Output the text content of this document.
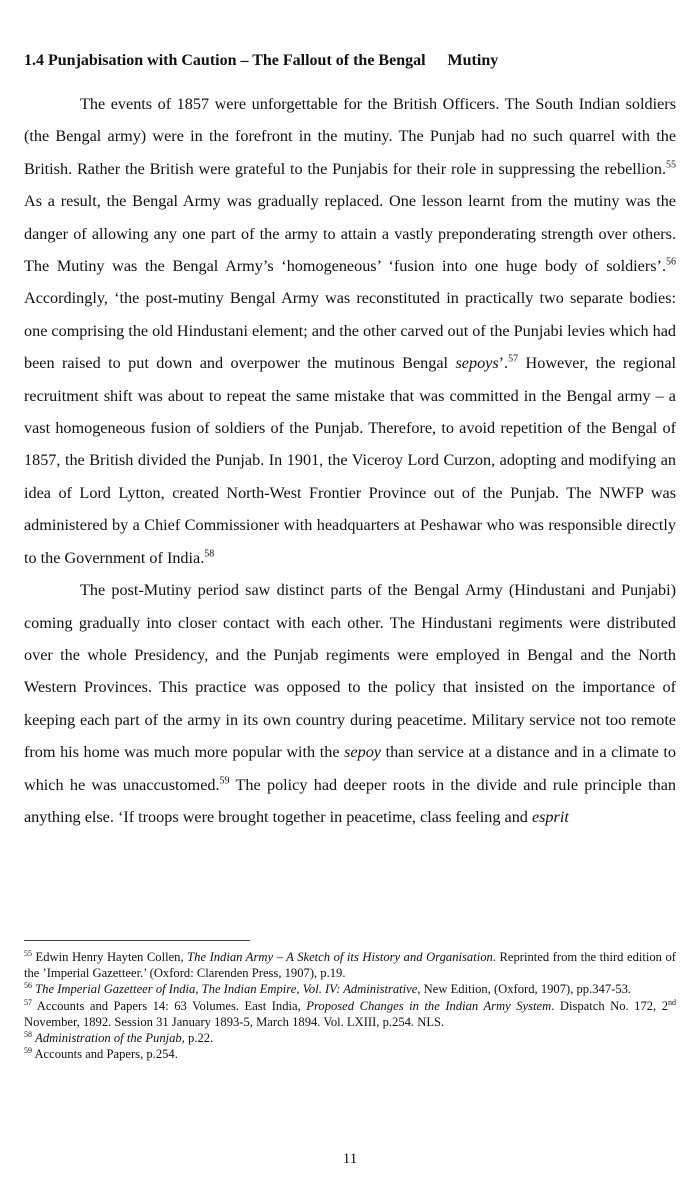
1.4 Punjabisation with Caution – The Fallout of the Bengal Mutiny

The events of 1857 were unforgettable for the British Officers. The South Indian soldiers (the Bengal army) were in the forefront in the mutiny. The Punjab had no such quarrel with the British. Rather the British were grateful to the Punjabis for their role in suppressing the rebellion.$^{55}$ As a result, the Bengal Army was gradually replaced. One lesson learnt from the mutiny was the danger of allowing any one part of the army to attain a vastly preponderating strength over others. The Mutiny was the Bengal Army’s ‘homogeneous’ ‘fusion into one huge body of soldiers’.$^{56}$ Accordingly, ‘the post-mutiny Bengal Army was reconstituted in practically two separate bodies: one comprising the old Hindustani element; and the other carved out of the Punjabi levies which had been raised to put down and overpower the mutinous Bengal sepoys’.$^{57}$ However, the regional recruitment shift was about to repeat the same mistake that was committed in the Bengal army – a vast homogeneous fusion of soldiers of the Punjab. Therefore, to avoid repetition of the Bengal of 1857, the British divided the Punjab. In 1901, the Viceroy Lord Curzon, adopting and modifying an idea of Lord Lytton, created North-West Frontier Province out of the Punjab. The NWFP was administered by a Chief Commissioner with headquarters at Peshawar who was responsible directly to the Government of India.$^{58}$

The post-Mutiny period saw distinct parts of the Bengal Army (Hindustani and Punjabi) coming gradually into closer contact with each other. The Hindustani regiments were distributed over the whole Presidency, and the Punjab regiments were employed in Bengal and the North Western Provinces. This practice was opposed to the policy that insisted on the importance of keeping each part of the army in its own country during peacetime. Military service not too remote from his home was much more popular with the sepoy than service at a distance and in a climate to which he was unaccustomed.$^{59}$ The policy had deeper roots in the divide and rule principle than anything else. ‘If troops were brought together in peacetime, class feeling and esprit

$^{55}$ Edwin Henry Hayten Collen, The Indian Army – A Sketch of its History and Organisation. Reprinted from the third edition of the ’Imperial Gazetteer.’ (Oxford: Clarenden Press, 1907), p.19.

$^{56}$ The Imperial Gazetteer of India, The Indian Empire, Vol. IV: Administrative, New Edition, (Oxford, 1907), pp.347-53.

$^{57}$ Accounts and Papers 14: 63 Volumes. East India, Proposed Changes in the Indian Army System. Dispatch No. 172, 2nd November, 1892. Session 31 January 1893-5, March 1894. Vol. LXIII, p.254. NLS.

$^{58}$ Administration of the Punjab, p.22.

$^{59}$ Accounts and Papers, p.254.

11
